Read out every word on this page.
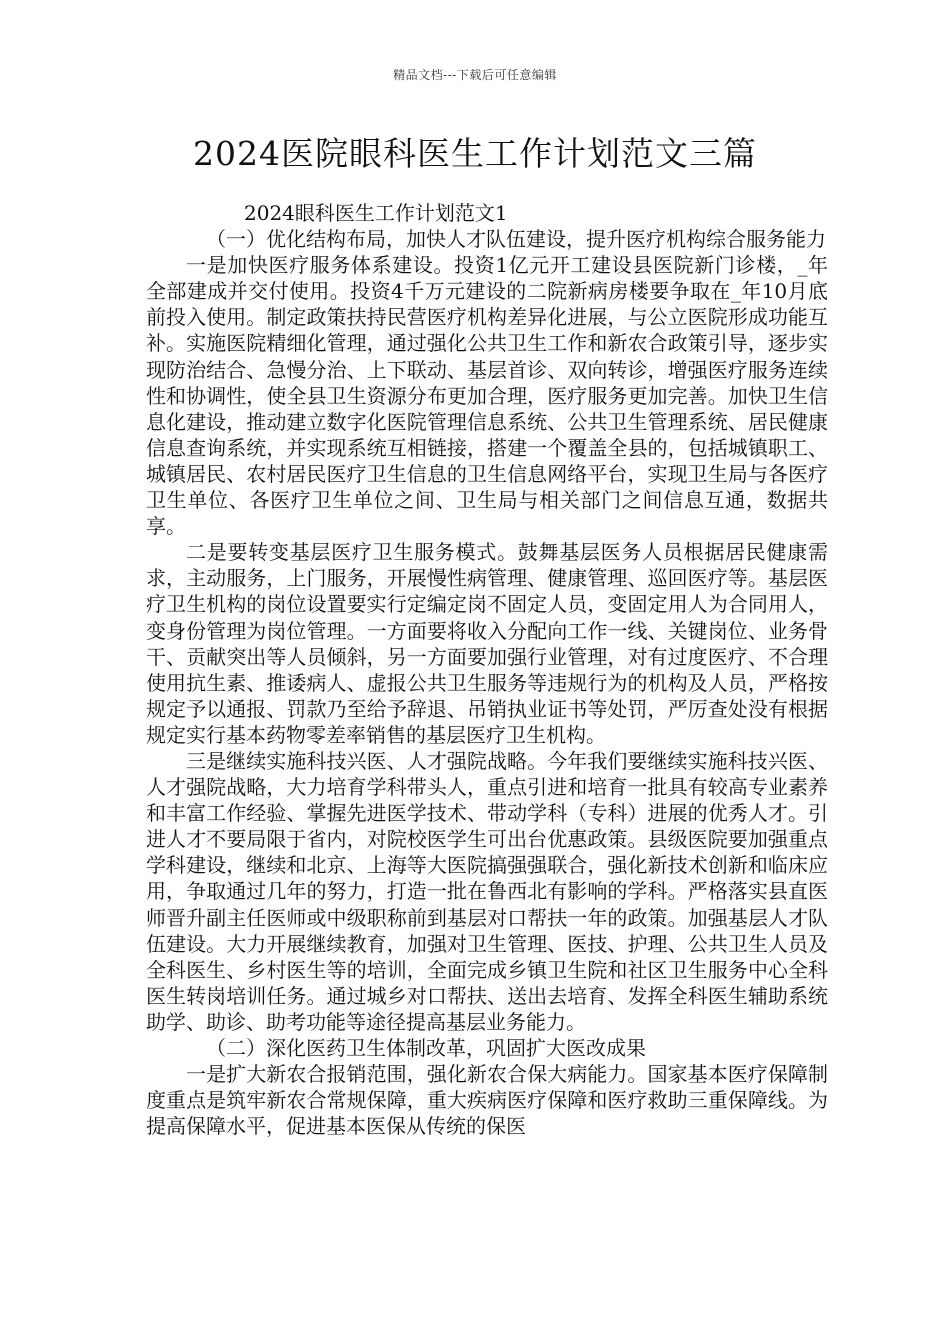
精品文档---下载后可任意编辑
2024医院眼科医生工作计划范文三篇

2024眼科医生工作计划范文1

（一）优化结构布局，加快人才队伍建设，提升医疗机构综合服务能力

一是加快医疗服务体系建设。投资1亿元开工建设县医院新门诊楼，_年全部建成并交付使用。投资4千万元建设的二院新病房楼要争取在_年10月底前投入使用。制定政策扶持民营医疗机构差异化进展，与公立医院形成功能互补。实施医院精细化管理，通过强化公共卫生工作和新农合政策引导，逐步实现防治结合、急慢分治、上下联动、基层首诊、双向转诊，增强医疗服务连续性和协调性，使全县卫生资源分布更加合理，医疗服务更加完善。加快卫生信息化建设，推动建立数字化医院管理信息系统、公共卫生管理系统、居民健康信息查询系统，并实现系统互相链接，搭建一个覆盖全县的，包括城镇职工、城镇居民、农村居民医疗卫生信息的卫生信息网络平台，实现卫生局与各医疗卫生单位、各医疗卫生单位之间、卫生局与相关部门之间信息互通，数据共享。

二是要转变基层医疗卫生服务模式。鼓舞基层医务人员根据居民健康需求，主动服务，上门服务，开展慢性病管理、健康管理、巡回医疗等。基层医疗卫生机构的岗位设置要实行定编定岗不固定人员，变固定用人为合同用人，变身份管理为岗位管理。一方面要将收入分配向工作一线、关键岗位、业务骨干、贡献突出等人员倾斜，另一方面要加强行业管理，对有过度医疗、不合理使用抗生素、推诿病人、虚报公共卫生服务等违规行为的机构及人员，严格按规定予以通报、罚款乃至给予辞退、吊销执业证书等处罚，严厉查处没有根据规定实行基本药物零差率销售的基层医疗卫生机构。

三是继续实施科技兴医、人才强院战略。今年我们要继续实施科技兴医、人才强院战略，大力培育学科带头人，重点引进和培育一批具有较高专业素养和丰富工作经验、掌握先进医学技术、带动学科（专科）进展的优秀人才。引进人才不要局限于省内，对院校医学生可出台优惠政策。县级医院要加强重点学科建设，继续和北京、上海等大医院搞强强联合，强化新技术创新和临床应用，争取通过几年的努力，打造一批在鲁西北有影响的学科。严格落实县直医师晋升副主任医师或中级职称前到基层对口帮扶一年的政策。加强基层人才队伍建设。大力开展继续教育，加强对卫生管理、医技、护理、公共卫生人员及全科医生、乡村医生等的培训，全面完成乡镇卫生院和社区卫生服务中心全科医生转岗培训任务。通过城乡对口帮扶、送出去培育、发挥全科医生辅助系统助学、助诊、助考功能等途径提高基层业务能力。

（二）深化医药卫生体制改革，巩固扩大医改成果

一是扩大新农合报销范围，强化新农合保大病能力。国家基本医疗保障制度重点是筑牢新农合常规保障，重大疾病医疗保障和医疗救助三重保障线。为提高保障水平，促进基本医保从传统的保医
